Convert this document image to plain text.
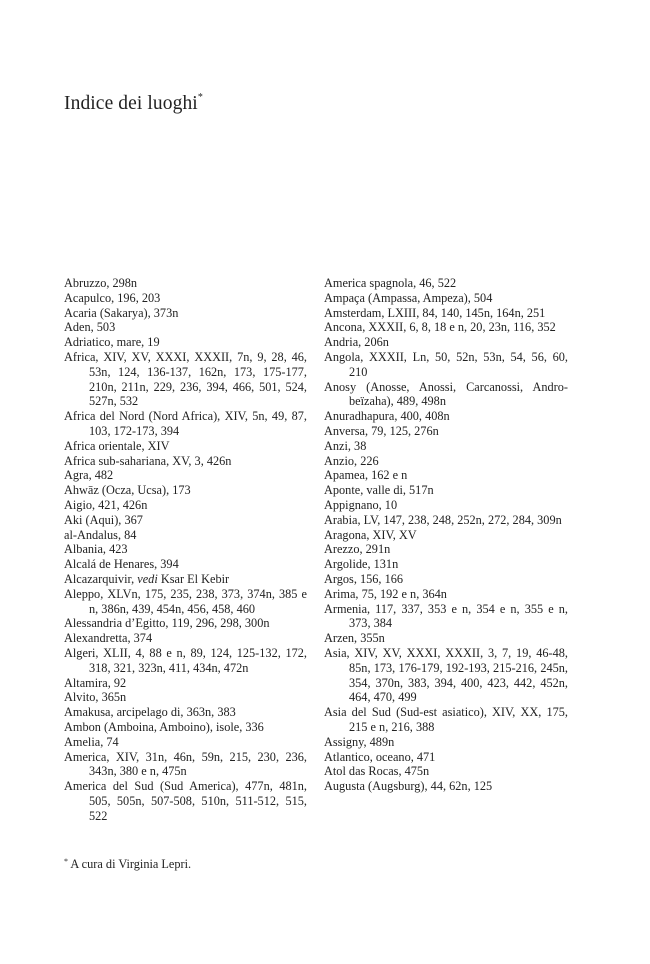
Indice dei luoghi*

Abruzzo, 298n

Acapulco, 196, 203

Acaria (Sakarya), 373n

Aden, 503

Adriatico, mare, 19

Africa, XIV, XV, XXXI, XXXII, 7n, 9, 28, 46, 53n, 124, 136-137, 162n, 173, 175-177, 210n, 211n, 229, 236, 394, 466, 501, 524, 527n, 532

Africa del Nord (Nord Africa), XIV, 5n, 49, 87, 103, 172-173, 394

Africa orientale, XIV

Africa sub-sahariana, XV, 3, 426n

Agra, 482

Ahwāz (Ocza, Ucsa), 173

Aigio, 421, 426n

Aki (Aqui), 367

al-Andalus, 84

Albania, 423

Alcalá de Henares, 394

Alcazarquivir, vedi Ksar El Kebir

Aleppo, XLVn, 175, 235, 238, 373, 374n, 385 e n, 386n, 439, 454n, 456, 458, 460

Alessandria d’Egitto, 119, 296, 298, 300n

Alexandretta, 374

Algeri, XLII, 4, 88 e n, 89, 124, 125-132, 172, 318, 321, 323n, 411, 434n, 472n

Altamira, 92

Alvito, 365n

Amakusa, arcipelago di, 363n, 383

Ambon (Amboina, Amboino), isole, 336

Amelia, 74

America, XIV, 31n, 46n, 59n, 215, 230, 236, 343n, 380 e n, 475n

America del Sud (Sud America), 477n, 481n, 505, 505n, 507-508, 510n, 511-512, 515, 522

America spagnola, 46, 522

Ampaça (Ampassa, Ampeza), 504

Amsterdam, LXIII, 84, 140, 145n, 164n, 251

Ancona, XXXII, 6, 8, 18 e n, 20, 23n, 116, 352

Andria, 206n

Angola, XXXII, Ln, 50, 52n, 53n, 54, 56, 60, 210

Anosy (Anosse, Anossi, Carcanossi, Andro-beïzaha), 489, 498n

Anuradhapura, 400, 408n

Anversa, 79, 125, 276n

Anzi, 38

Anzio, 226

Apamea, 162 e n

Aponte, valle di, 517n

Appignano, 10

Arabia, LV, 147, 238, 248, 252n, 272, 284, 309n

Aragona, XIV, XV

Arezzo, 291n

Argolide, 131n

Argos, 156, 166

Arima, 75, 192 e n, 364n

Armenia, 117, 337, 353 e n, 354 e n, 355 e n, 373, 384

Arzen, 355n

Asia, XIV, XV, XXXI, XXXII, 3, 7, 19, 46-48, 85n, 173, 176-179, 192-193, 215-216, 245n, 354, 370n, 383, 394, 400, 423, 442, 452n, 464, 470, 499

Asia del Sud (Sud-est asiatico), XIV, XX, 175, 215 e n, 216, 388

Assigny, 489n

Atlantico, oceano, 471

Atol das Rocas, 475n

Augusta (Augsburg), 44, 62n, 125

* A cura di Virginia Lepri.
